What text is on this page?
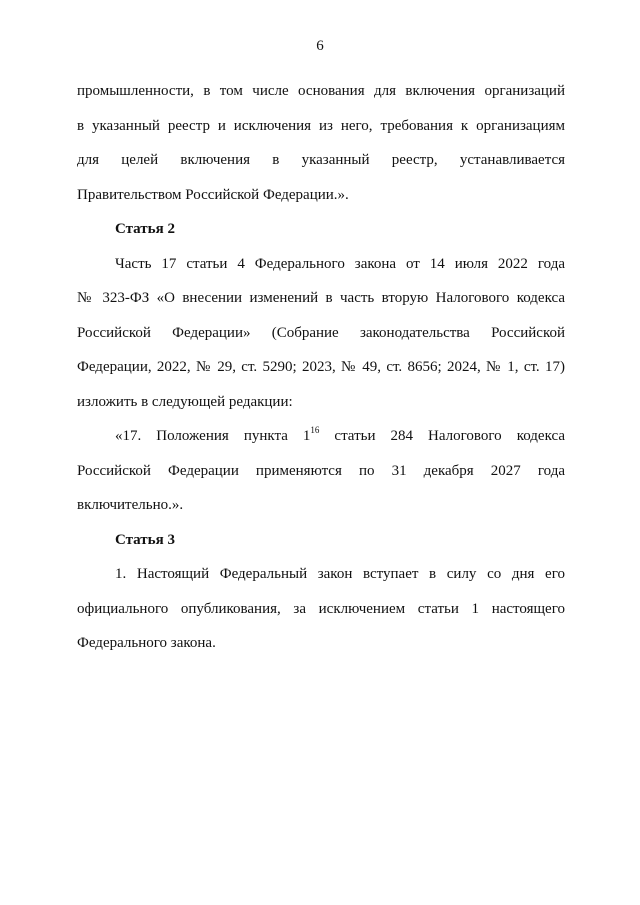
6

промышленности, в том числе основания для включения организаций

в указанный реестр и исключения из него, требования к организациям

для целей включения в указанный реестр, устанавливается

Правительством Российской Федерации.».

Статья 2

Часть 17 статьи 4 Федерального закона от 14 июля 2022 года

№ 323-ФЗ «О внесении изменений в часть вторую Налогового кодекса

Российской Федерации» (Собрание законодательства Российской

Федерации, 2022, № 29, ст. 5290; 2023, № 49, ст. 8656; 2024, № 1, ст. 17)

изложить в следующей редакции:

«17. Положения пункта $1^{16}$ статьи 284 Налогового кодекса

Российской Федерации применяются по 31 декабря 2027 года

включительно.».

Статья 3

1. Настоящий Федеральный закон вступает в силу со дня его

официального опубликования, за исключением статьи 1 настоящего

Федерального закона.
